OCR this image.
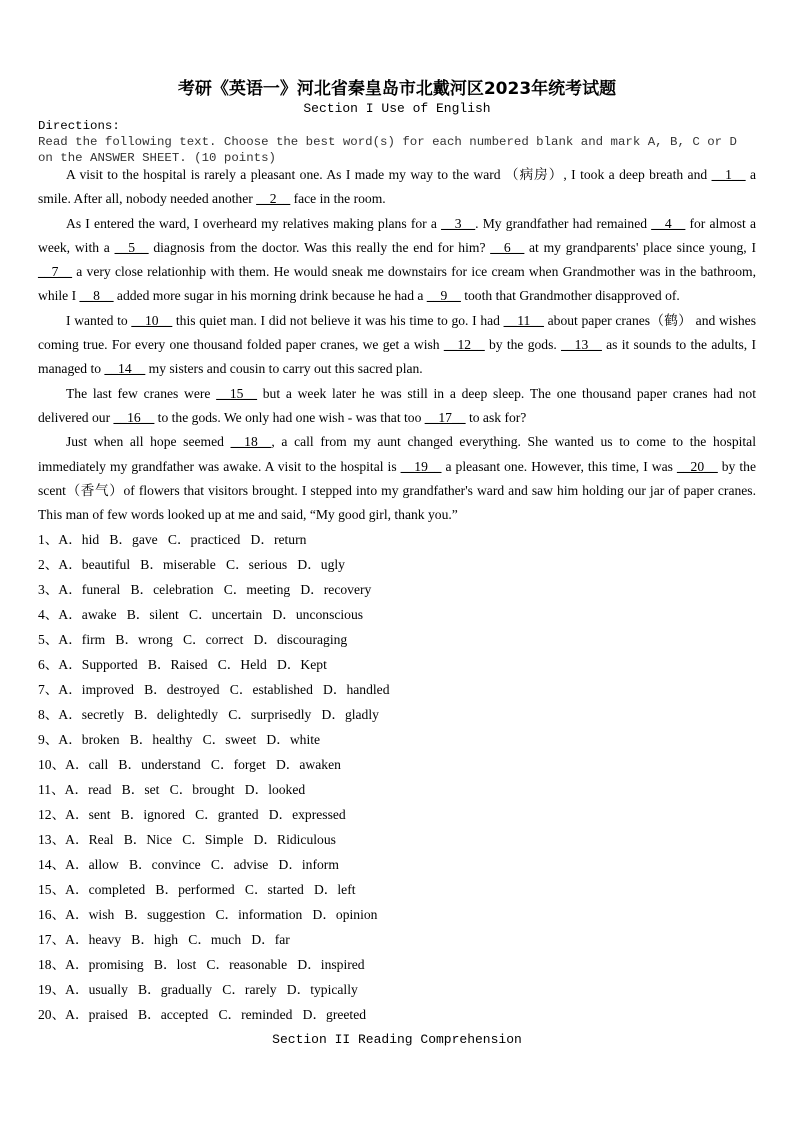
考研《英语一》河北省秦皇岛市北戴河区2023年统考试题
Section I Use of English
Directions:
Read the following text. Choose the best word(s) for each numbered blank and mark A, B, C or D on the ANSWER SHEET. (10 points)

A visit to the hospital is rarely a pleasant one. As I made my way to the ward （病房）, I took a deep breath and __1__ a smile. After all, nobody needed another __2__ face in the room.

As I entered the ward, I overheard my relatives making plans for a __3__. My grandfather had remained __4__ for almost a week, with a __5__ diagnosis from the doctor. Was this really the end for him? __6__ at my grandparents' place since young, I __7__ a very close relationhip with them. He would sneak me downstairs for ice cream when Grandmother was in the bathroom, while I __8__ added more sugar in his morning drink because he had a __9__ tooth that Grandmother disapproved of.

I wanted to __10__ this quiet man. I did not believe it was his time to go. I had __11__ about paper cranes（鹤） and wishes coming true. For every one thousand folded paper cranes, we get a wish __12__ by the gods. __13__ as it sounds to the adults, I managed to __14__ my sisters and cousin to carry out this sacred plan.

The last few cranes were __15__ but a week later he was still in a deep sleep. The one thousand paper cranes had not delivered our __16__ to the gods. We only had one wish - was that too __17__ to ask for?

Just when all hope seemed __18__, a call from my aunt changed everything. She wanted us to come to the hospital immediately my grandfather was awake. A visit to the hospital is __19__ a pleasant one. However, this time, I was __20__ by the scent（香气）of flowers that visitors brought. I stepped into my grandfather's ward and saw him holding our jar of paper cranes. This man of few words looked up at me and said, “My good girl, thank you.”

1、A．hid   B．gave   C．practiced   D．return
2、A．beautiful   B．miserable   C．serious   D．ugly
3、A．funeral   B．celebration   C．meeting   D．recovery
4、A．awake   B．silent   C．uncertain   D．unconscious
5、A．firm   B．wrong   C．correct   D．discouraging
6、A．Supported   B．Raised   C．Held   D．Kept
7、A．improved   B．destroyed   C．established   D．handled
8、A．secretly   B．delightedly   C．surprisedly   D．gladly
9、A．broken   B．healthy   C．sweet   D．white
10、A．call   B．understand   C．forget   D．awaken
11、A．read   B．set   C．brought   D．looked
12、A．sent   B．ignored   C．granted   D．expressed
13、A．Real   B．Nice   C．Simple   D．Ridiculous
14、A．allow   B．convince   C．advise   D．inform
15、A．completed   B．performed   C．started   D．left
16、A．wish   B．suggestion   C．information   D．opinion
17、A．heavy   B．high   C．much   D．far
18、A．promising   B．lost   C．reasonable   D．inspired
19、A．usually   B．gradually   C．rarely   D．typically
20、A．praised   B．accepted   C．reminded   D．greeted
Section II Reading Comprehension
